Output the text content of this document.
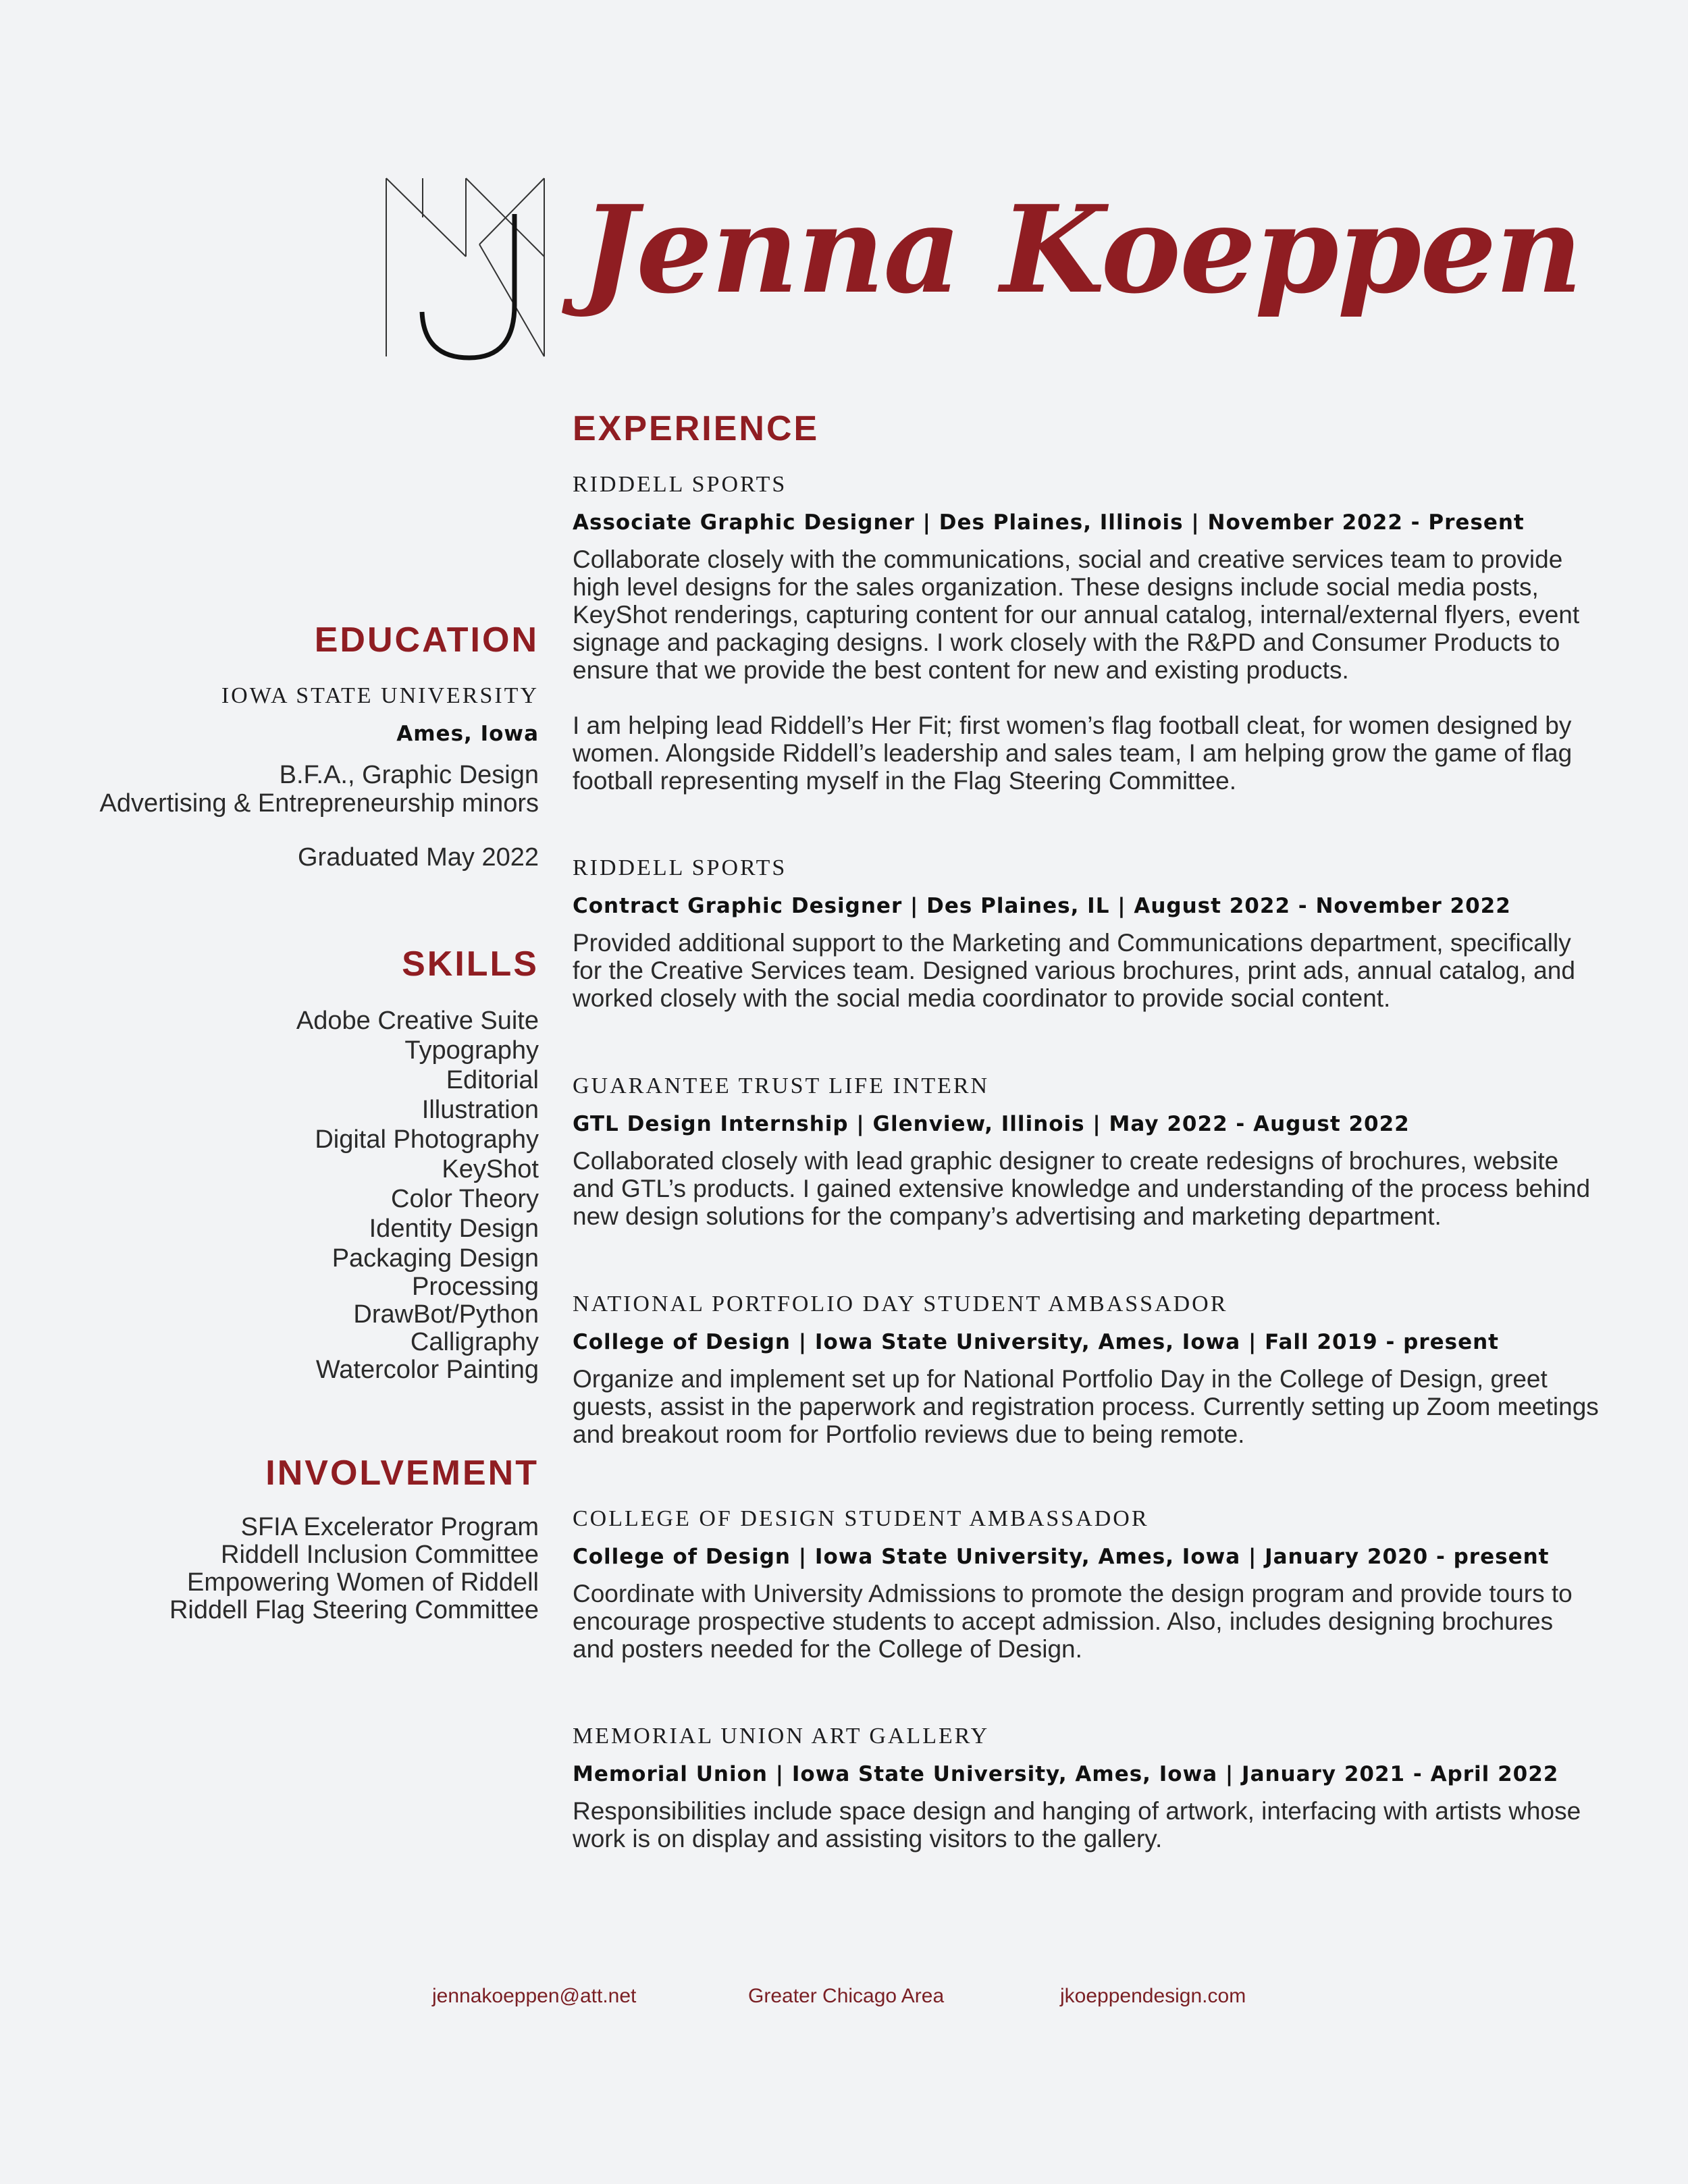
Jenna Koeppen
EXPERIENCE
EDUCATION
IOWA STATE UNIVERSITY
Ames, Iowa
B.F.A., Graphic Design
Advertising & Entrepreneurship minors
Graduated May 2022
SKILLS
Adobe Creative Suite
Typography
Editorial
Illustration
Digital Photography
KeyShot
Color Theory
Identity Design
Packaging Design
Processing
DrawBot/Python
Calligraphy
Watercolor Painting
INVOLVEMENT
SFIA Excelerator Program
Riddell Inclusion Committee
Empowering Women of Riddell
Riddell Flag Steering Committee
RIDDELL SPORTS
Associate Graphic Designer | Des Plaines, Illinois | November 2022 - Present

Collaborate closely with the communications, social and creative services team to provide high level designs for the sales organization. These designs include social media posts, KeyShot renderings, capturing content for our annual catalog, internal/external flyers, event signage and packaging designs. I work closely with the R&PD and Consumer Products to ensure that we provide the best content for new and existing products.

I am helping lead Riddell’s Her Fit; first women’s flag football cleat, for women designed by women. Alongside Riddell’s leadership and sales team, I am helping grow the game of flag football representing myself in the Flag Steering Committee.

RIDDELL SPORTS
Contract Graphic Designer | Des Plaines, IL | August 2022 - November 2022

Provided additional support to the Marketing and Communications department, specifically for the Creative Services team. Designed various brochures, print ads, annual catalog, and worked closely with the social media coordinator to provide social content.

GUARANTEE TRUST LIFE INTERN
GTL Design Internship | Glenview, Illinois | May 2022 - August 2022

Collaborated closely with lead graphic designer to create redesigns of brochures, website and GTL’s products. I gained extensive knowledge and understanding of the process behind new design solutions for the company’s advertising and marketing department.

NATIONAL PORTFOLIO DAY STUDENT AMBASSADOR
College of Design | Iowa State University, Ames, Iowa | Fall 2019 - present

Organize and implement set up for National Portfolio Day in the College of Design, greet guests, assist in the paperwork and registration process. Currently setting up Zoom meetings and breakout room for Portfolio reviews due to being remote.

COLLEGE OF DESIGN STUDENT AMBASSADOR
College of Design | Iowa State University, Ames, Iowa | January 2020 - present

Coordinate with University Admissions to promote the design program and provide tours to encourage prospective students to accept admission. Also, includes designing brochures and posters needed for the College of Design.

MEMORIAL UNION ART GALLERY
Memorial Union | Iowa State University, Ames, Iowa | January 2021 - April 2022

Responsibilities include space design and hanging of artwork, interfacing with artists whose work is on display and assisting visitors to the gallery.

jennakoeppen@att.net	Greater Chicago Area	jkoeppendesign.com
